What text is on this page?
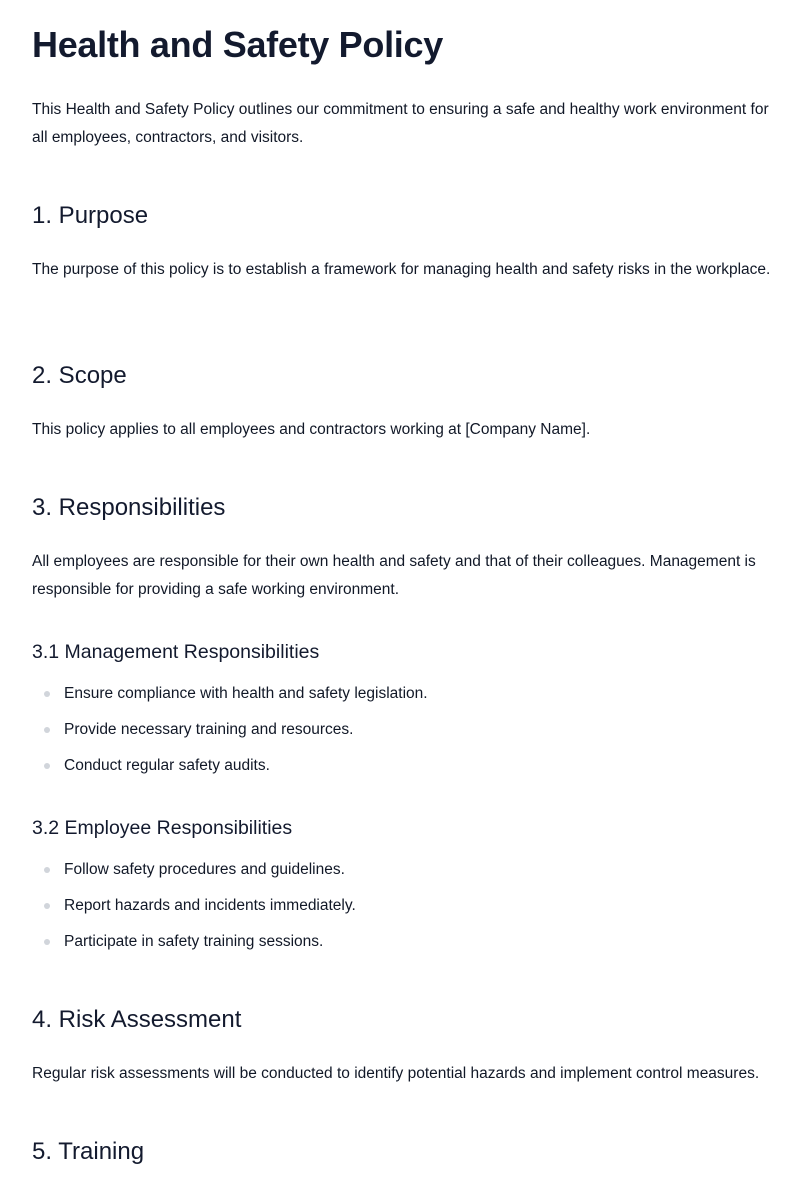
Health and Safety Policy

This Health and Safety Policy outlines our commitment to ensuring a safe and healthy work environment for all employees, contractors, and visitors.

1. Purpose

The purpose of this policy is to establish a framework for managing health and safety risks in the workplace.

2. Scope

This policy applies to all employees and contractors working at [Company Name].

3. Responsibilities

All employees are responsible for their own health and safety and that of their colleagues. Management is responsible for providing a safe working environment.

3.1 Management Responsibilities
Ensure compliance with health and safety legislation.
Provide necessary training and resources.
Conduct regular safety audits.
3.2 Employee Responsibilities
Follow safety procedures and guidelines.
Report hazards and incidents immediately.
Participate in safety training sessions.
4. Risk Assessment

Regular risk assessments will be conducted to identify potential hazards and implement control measures.

5. Training
